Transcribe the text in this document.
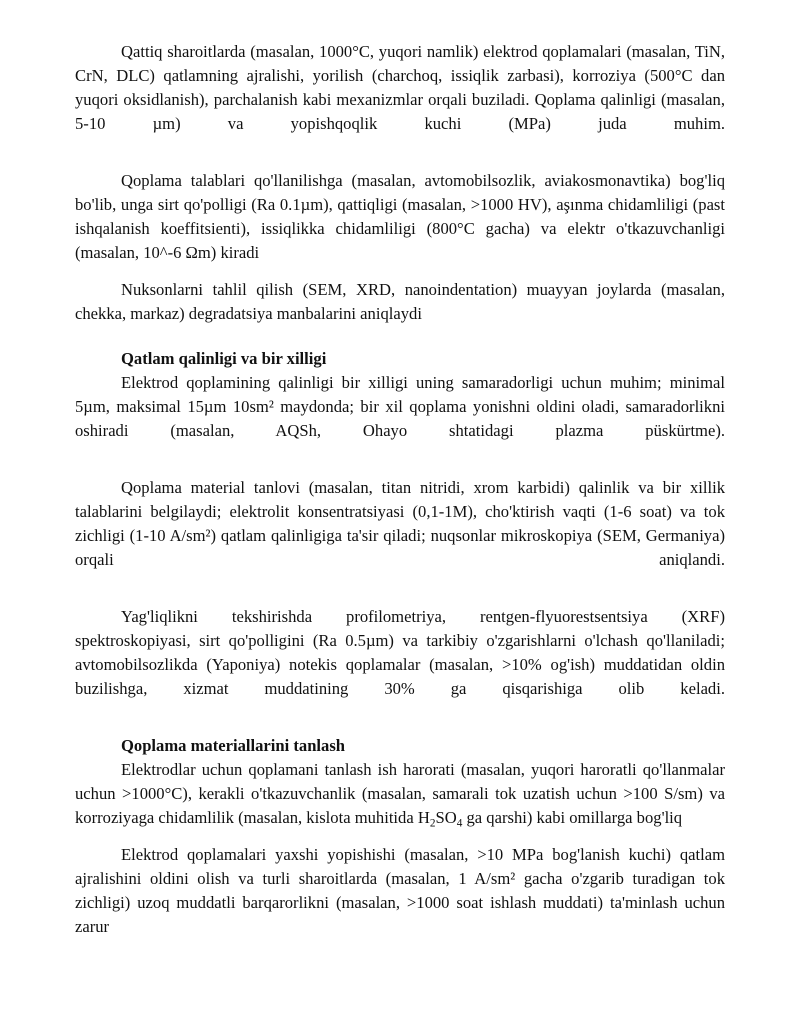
Qattiq sharoitlarda (masalan, 1000°C, yuqori namlik) elektrod qoplamalari (masalan, TiN, CrN, DLC) qatlamning ajralishi, yorilish (charchoq, issiqlik zarbasi), korroziya (500°C dan yuqori oksidlanish), parchalanish kabi mexanizmlar orqali buziladi. Qoplama qalinligi (masalan, 5-10 µm) va yopishqoqlik kuchi (MPa) juda muhim.

Qoplama talablari qo'llanilishga (masalan, avtomobilsozlik, aviakosmonavtika) bog'liq bo'lib, unga sirt qo'polligi (Ra 0.1µm), qattiqligi (masalan, >1000 HV), aşınma chidamliligi (past ishqalanish koeffitsienti), issiqlikka chidamliligi (800°C gacha) va elektr o'tkazuvchanligi (masalan, 10^-6 Ωm) kiradi

Nuksonlarni tahlil qilish (SEM, XRD, nanoindentation) muayyan joylarda (masalan, chekka, markaz) degradatsiya manbalarini aniqlaydi

Qatlam qalinligi va bir xilligi

Elektrod qoplamining qalinligi bir xilligi uning samaradorligi uchun muhim; minimal 5µm, maksimal 15µm 10sm² maydonda; bir xil qoplama yonishni oldini oladi, samaradorlikni oshiradi (masalan, AQSh, Ohayo shtatidagi plazma püskürtme).

Qoplama material tanlovi (masalan, titan nitridi, xrom karbidi) qalinlik va bir xillik talablarini belgilaydi; elektrolit konsentratsiyasi (0,1-1M), cho'ktirish vaqti (1-6 soat) va tok zichligi (1-10 A/sm²) qatlam qalinligiga ta'sir qiladi; nuqsonlar mikroskopiya (SEM, Germaniya) orqali aniqlandi.

Yag'liqlikni tekshirishda profilometriya, rentgen-flyuorestsentsiya (XRF) spektroskopiyasi, sirt qo'polligini (Ra 0.5µm) va tarkibiy o'zgarishlarni o'lchash qo'llaniladi; avtomobilsozlikda (Yaponiya) notekis qoplamalar (masalan, >10% og'ish) muddatidan oldin buzilishga, xizmat muddatining 30% ga qisqarishiga olib keladi.

Qoplama materiallarini tanlash

Elektrodlar uchun qoplamani tanlash ish harorati (masalan, yuqori haroratli qo'llanmalar uchun >1000°C), kerakli o'tkazuvchanlik (masalan, samarali tok uzatish uchun >100 S/sm) va korroziyaga chidamlilik (masalan, kislota muhitida $H_2SO_4$ ga qarshi) kabi omillarga bog'liq

Elektrod qoplamalari yaxshi yopishishi (masalan, >10 MPa bog'lanish kuchi) qatlam ajralishini oldini olish va turli sharoitlarda (masalan, 1 A/sm² gacha o'zgarib turadigan tok zichligi) uzoq muddatli barqarorlikni (masalan, >1000 soat ishlash muddati) ta'minlash uchun zarur
